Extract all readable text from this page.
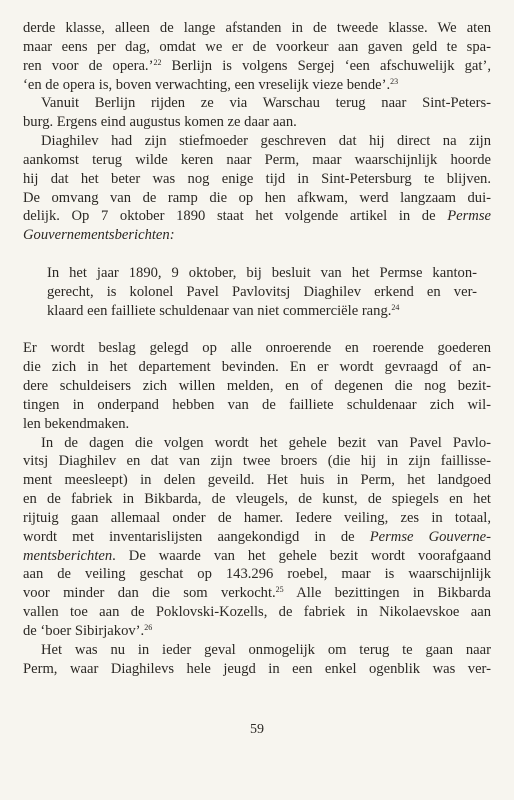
derde klasse, alleen de lange afstanden in de tweede klasse. We aten
maar eens per dag, omdat we er de voorkeur aan gaven geld te spa-
ren voor de opera.’$^{22}$ Berlijn is volgens Sergej ‘een afschuwelijk gat’,
‘en de opera is, boven verwachting, een vreselijk vieze bende’.$^{23}$
Vanuit Berlijn rijden ze via Warschau terug naar Sint-Peters-
burg. Ergens eind augustus komen ze daar aan.
Diaghilev had zijn stiefmoeder geschreven dat hij direct na zijn
aankomst terug wilde keren naar Perm, maar waarschijnlijk hoorde
hij dat het beter was nog enige tijd in Sint-Petersburg te blijven.
De omvang van de ramp die op hen afkwam, werd langzaam dui-
delijk. Op 7 oktober 1890 staat het volgende artikel in de Permse
Gouvernementsberichten:
In het jaar 1890, 9 oktober, bij besluit van het Permse kanton-
gerecht, is kolonel Pavel Pavlovitsj Diaghilev erkend en ver-
klaard een failliete schuldenaar van niet commerciële rang.$^{24}$
Er wordt beslag gelegd op alle onroerende en roerende goederen
die zich in het departement bevinden. En er wordt gevraagd of an-
dere schuldeisers zich willen melden, en of degenen die nog bezit-
tingen in onderpand hebben van de failliete schuldenaar zich wil-
len bekendmaken.
In de dagen die volgen wordt het gehele bezit van Pavel Pavlo-
vitsj Diaghilev en dat van zijn twee broers (die hij in zijn faillisse-
ment meesleept) in delen geveild. Het huis in Perm, het landgoed
en de fabriek in Bikbarda, de vleugels, de kunst, de spiegels en het
rijtuig gaan allemaal onder de hamer. Iedere veiling, zes in totaal,
wordt met inventarislijsten aangekondigd in de Permse Gouverne-
mentsberichten. De waarde van het gehele bezit wordt voorafgaand
aan de veiling geschat op 143.296 roebel, maar is waarschijnlijk
voor minder dan die som verkocht.$^{25}$ Alle bezittingen in Bikbarda
vallen toe aan de Poklovski-Kozells, de fabriek in Nikolaevskoe aan
de ‘boer Sibirjakov’.$^{26}$
Het was nu in ieder geval onmogelijk om terug te gaan naar
Perm, waar Diaghilevs hele jeugd in een enkel ogenblik was ver-
59
